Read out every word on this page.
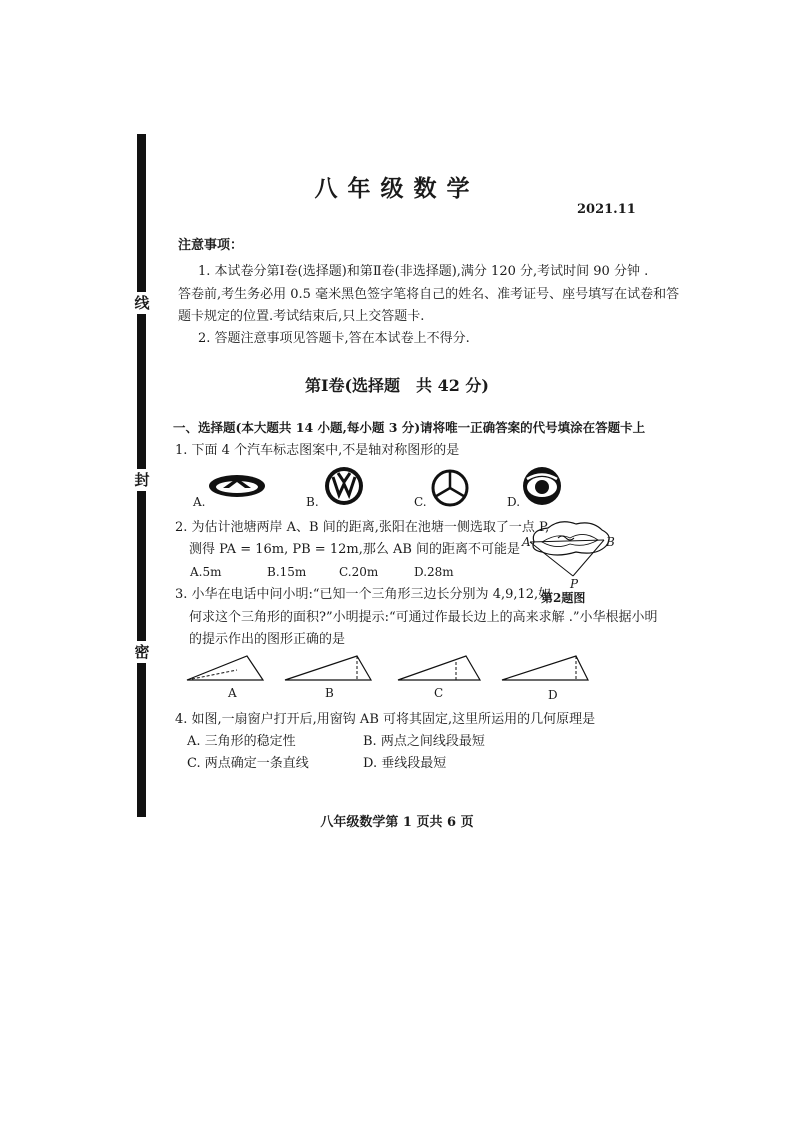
线
封
密
八年级数学
2021.11
注意事项：
1. 本试卷分第Ⅰ卷(选择题)和第Ⅱ卷(非选择题),满分 120 分,考试时间 90 分钟 .
答卷前,考生务必用 0.5 毫米黑色签字笔将自己的姓名、准考证号、座号填写在试卷和答
题卡规定的位置.考试结束后,只上交答题卡.
2. 答题注意事项见答题卡,答在本试卷上不得分.
第Ⅰ卷(选择题　共 42 分)
一、选择题(本大题共 14 小题,每小题 3 分)请将唯一正确答案的代号填涂在答题卡上
1. 下面 4 个汽车标志图案中,不是轴对称图形的是
A.	B.	C.	D.
2. 为估计池塘两岸 A、B 间的距离,张阳在池塘一侧选取了一点 P,
测得 PA = 16m, PB = 12m,那么 AB 间的距离不可能是
A.5m	B.15m	C.20m	D.28m
A	B
P
第2题图
3. 小华在电话中问小明:“已知一个三角形三边长分别为 4,9,12,如
何求这个三角形的面积?”小明提示:“可通过作最长边上的高来求解 .”小华根据小明
的提示作出的图形正确的是
A	B	C	D
4. 如图,一扇窗户打开后,用窗钩 AB 可将其固定,这里所运用的几何原理是
A. 三角形的稳定性	B. 两点之间线段最短
C. 两点确定一条直线	D. 垂线段最短
八年级数学第 1 页共 6 页
